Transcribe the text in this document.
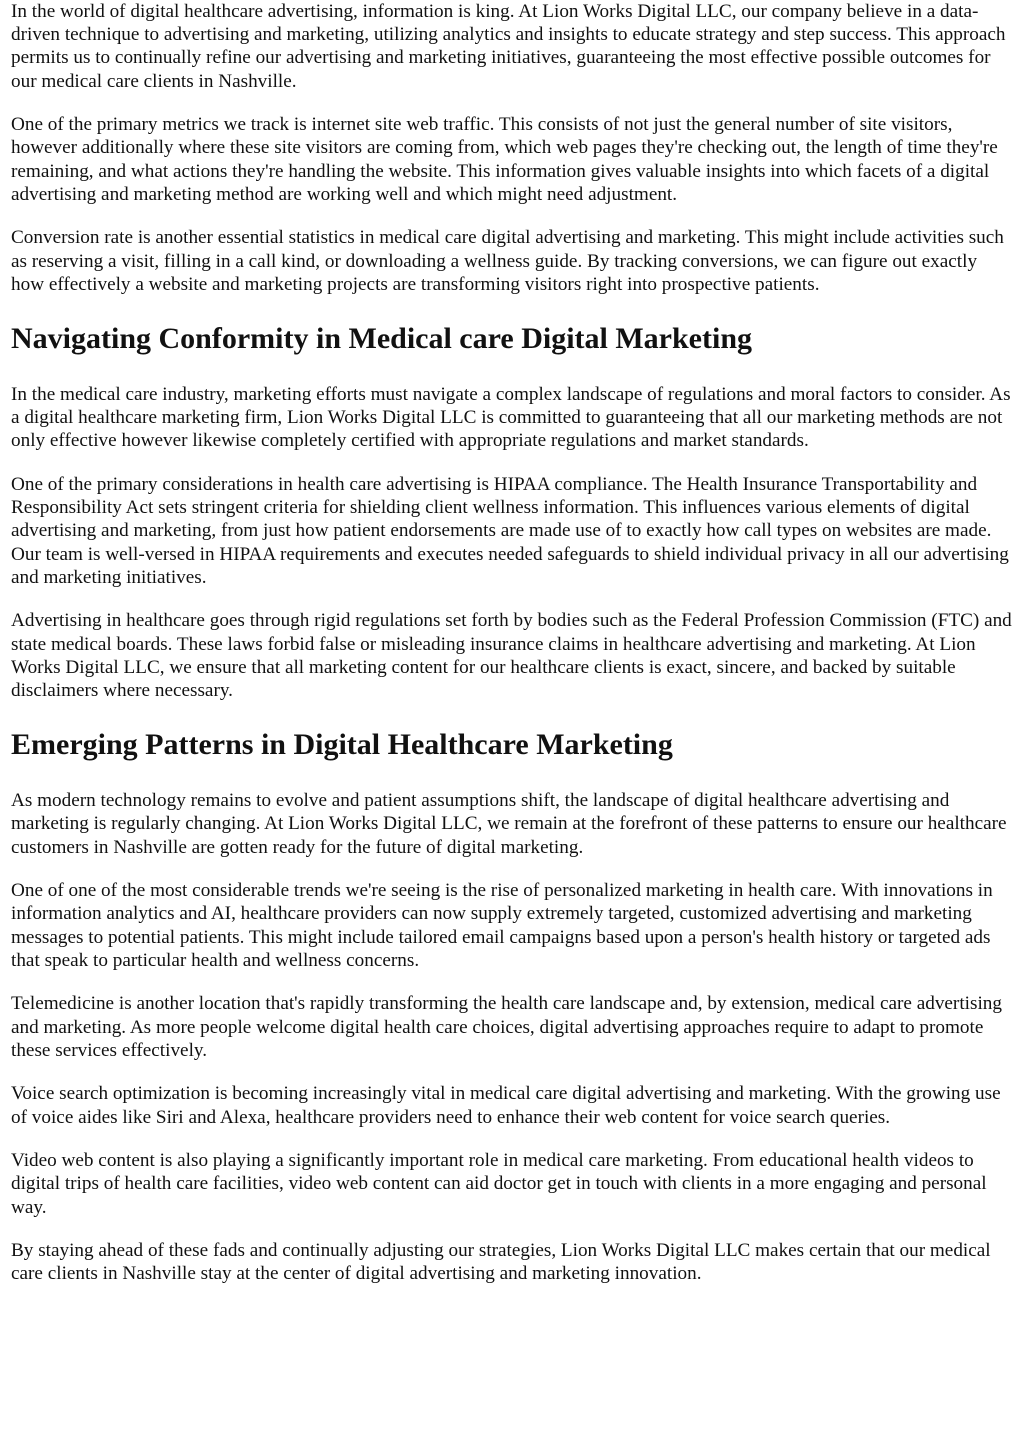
In the world of digital healthcare advertising, information is king. At Lion Works Digital LLC, our company believe in a data-driven technique to advertising and marketing, utilizing analytics and insights to educate strategy and step success. This approach permits us to continually refine our advertising and marketing initiatives, guaranteeing the most effective possible outcomes for our medical care clients in Nashville.

One of the primary metrics we track is internet site web traffic. This consists of not just the general number of site visitors, however additionally where these site visitors are coming from, which web pages they're checking out, the length of time they're remaining, and what actions they're handling the website. This information gives valuable insights into which facets of a digital advertising and marketing method are working well and which might need adjustment.

Conversion rate is another essential statistics in medical care digital advertising and marketing. This might include activities such as reserving a visit, filling in a call kind, or downloading a wellness guide. By tracking conversions, we can figure out exactly how effectively a website and marketing projects are transforming visitors right into prospective patients.

Navigating Conformity in Medical care Digital Marketing

In the medical care industry, marketing efforts must navigate a complex landscape of regulations and moral factors to consider. As a digital healthcare marketing firm, Lion Works Digital LLC is committed to guaranteeing that all our marketing methods are not only effective however likewise completely certified with appropriate regulations and market standards.

One of the primary considerations in health care advertising is HIPAA compliance. The Health Insurance Transportability and Responsibility Act sets stringent criteria for shielding client wellness information. This influences various elements of digital advertising and marketing, from just how patient endorsements are made use of to exactly how call types on websites are made. Our team is well-versed in HIPAA requirements and executes needed safeguards to shield individual privacy in all our advertising and marketing initiatives.

Advertising in healthcare goes through rigid regulations set forth by bodies such as the Federal Profession Commission (FTC) and state medical boards. These laws forbid false or misleading insurance claims in healthcare advertising and marketing. At Lion Works Digital LLC, we ensure that all marketing content for our healthcare clients is exact, sincere, and backed by suitable disclaimers where necessary.

Emerging Patterns in Digital Healthcare Marketing

As modern technology remains to evolve and patient assumptions shift, the landscape of digital healthcare advertising and marketing is regularly changing. At Lion Works Digital LLC, we remain at the forefront of these patterns to ensure our healthcare customers in Nashville are gotten ready for the future of digital marketing.

One of one of the most considerable trends we're seeing is the rise of personalized marketing in health care. With innovations in information analytics and AI, healthcare providers can now supply extremely targeted, customized advertising and marketing messages to potential patients. This might include tailored email campaigns based upon a person's health history or targeted ads that speak to particular health and wellness concerns.

Telemedicine is another location that's rapidly transforming the health care landscape and, by extension, medical care advertising and marketing. As more people welcome digital health care choices, digital advertising approaches require to adapt to promote these services effectively.

Voice search optimization is becoming increasingly vital in medical care digital advertising and marketing. With the growing use of voice aides like Siri and Alexa, healthcare providers need to enhance their web content for voice search queries.

Video web content is also playing a significantly important role in medical care marketing. From educational health videos to digital trips of health care facilities, video web content can aid doctor get in touch with clients in a more engaging and personal way.

By staying ahead of these fads and continually adjusting our strategies, Lion Works Digital LLC makes certain that our medical care clients in Nashville stay at the center of digital advertising and marketing innovation.
